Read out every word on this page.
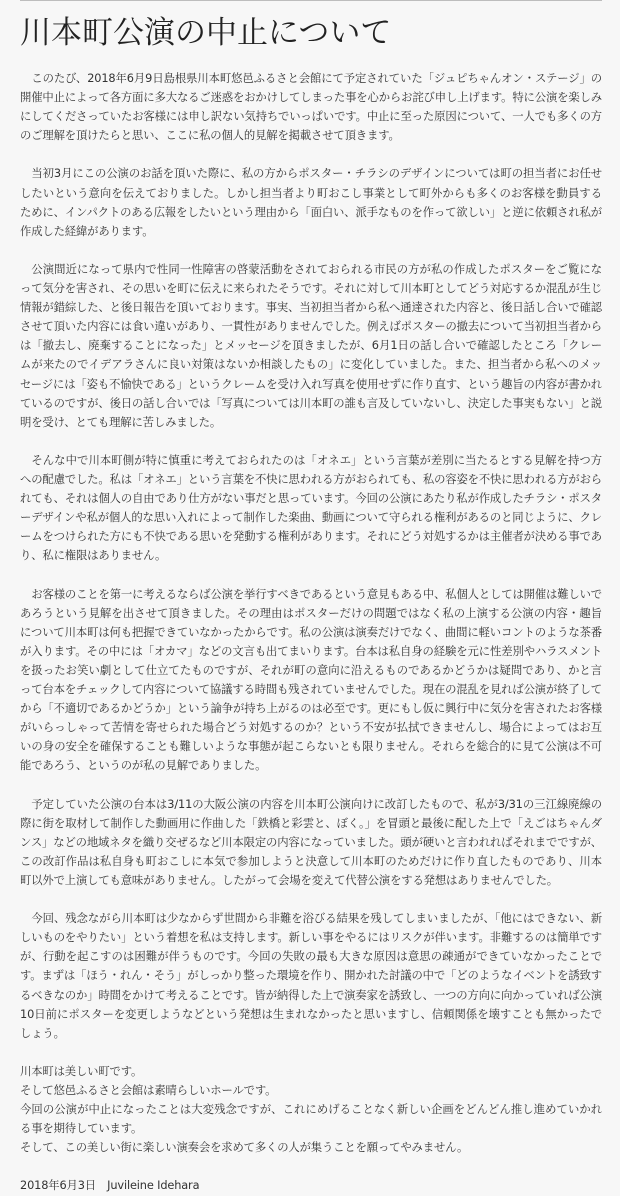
川本町公演の中止について

このたび、2018年6月9日島根県川本町悠邑ふるさと会館にて予定されていた「ジュピちゃんオン・ステージ」の開催中止によって各方面に多大なるご迷惑をおかけしてしまった事を心からお詫び申し上げます。特に公演を楽しみにしてくださっていたお客様には申し訳ない気持ちでいっぱいです。中止に至った原因について、一人でも多くの方のご理解を頂けたらと思い、ここに私の個人的見解を掲載させて頂きます。

当初3月にこの公演のお話を頂いた際に、私の方からポスター・チラシのデザインについては町の担当者にお任せしたいという意向を伝えておりました。しかし担当者より町おこし事業として町外からも多くのお客様を動員するために、インパクトのある広報をしたいという理由から「面白い、派手なものを作って欲しい」と逆に依頼され私が作成した経緯があります。

公演間近になって県内で性同一性障害の啓蒙活動をされておられる市民の方が私の作成したポスターをご覧になって気分を害され、その思いを町に伝えに来られたそうです。それに対して川本町としてどう対応するか混乱が生じ情報が錯綜した、と後日報告を頂いております。事実、当初担当者から私へ通達された内容と、後日話し合いで確認させて頂いた内容には食い違いがあり、一貫性がありませんでした。例えばポスターの撤去について当初担当者からは「撤去し、廃棄することになった」とメッセージを頂きましたが、6月1日の話し合いで確認したところ「クレームが来たのでイデアラさんに良い対策はないか相談したもの」に変化していました。また、担当者から私へのメッセージには「姿も不愉快である」というクレームを受け入れ写真を使用せずに作り直す、という趣旨の内容が書かれているのですが、後日の話し合いでは「写真については川本町の誰も言及していないし、決定した事実もない」と説明を受け、とても理解に苦しみました。

そんな中で川本町側が特に慎重に考えておられたのは「オネエ」という言葉が差別に当たるとする見解を持つ方への配慮でした。私は「オネエ」という言葉を不快に思われる方がおられても、私の容姿を不快に思われる方がおられても、それは個人の自由であり仕方がない事だと思っています。今回の公演にあたり私が作成したチラシ・ポスターデザインや私が個人的な思い入れによって制作した楽曲、動画について守られる権利があるのと同じように、クレームをつけられた方にも不快である思いを発動する権利があります。それにどう対処するかは主催者が決める事であり、私に権限はありません。

お客様のことを第一に考えるならば公演を挙行すべきであるという意見もある中、私個人としては開催は難しいであろうという見解を出させて頂きました。その理由はポスターだけの問題ではなく私の上演する公演の内容・趣旨について川本町は何も把握できていなかったからです。私の公演は演奏だけでなく、曲間に軽いコントのような茶番が入ります。その中には「オカマ」などの文言も出てまいります。台本は私自身の経験を元に性差別やハラスメントを扱ったお笑い劇として仕立てたものですが、それが町の意向に沿えるものであるかどうかは疑問であり、かと言って台本をチェックして内容について協議する時間も残されていませんでした。現在の混乱を見れば公演が終了してから「不適切であるかどうか」という論争が持ち上がるのは必至です。更にもし仮に興行中に気分を害されたお客様がいらっしゃって苦情を寄せられた場合どう対処するのか？という不安が払拭できませんし、場合によってはお互いの身の安全を確保することも難しいような事態が起こらないとも限りません。それらを総合的に見て公演は不可能であろう、というのが私の見解でありました。

予定していた公演の台本は3/11の大阪公演の内容を川本町公演向けに改訂したもので、私が3/31の三江線廃線の際に街を取材して制作した動画用に作曲した「鉄橋と彩雲と、ぼく。」を冒頭と最後に配した上で「えごはちゃんダンス」などの地域ネタを織り交ぜるなど川本限定の内容になっていました。頭が硬いと言われればそれまでですが、この改訂作品は私自身も町おこしに本気で参加しようと決意して川本町のためだけに作り直したものであり、川本町以外で上演しても意味がありません。したがって会場を変えて代替公演をする発想はありませんでした。

今回、残念ながら川本町は少なからず世間から非難を浴びる結果を残してしまいましたが、「他にはできない、新しいものをやりたい」という着想を私は支持します。新しい事をやるにはリスクが伴います。非難するのは簡単ですが、行動を起こすのは困難が伴うものです。今回の失敗の最も大きな原因は意思の疎通ができていなかったことです。まずは「ほう・れん・そう」がしっかり整った環境を作り、開かれた討議の中で「どのようなイベントを誘致するべきなのか」時間をかけて考えることです。皆が納得した上で演奏家を誘致し、一つの方向に向かっていれば公演10日前にポスターを変更しようなどという発想は生まれなかったと思いますし、信頼関係を壊すことも無かったでしょう。

川本町は美しい町です。
そして悠邑ふるさと会館は素晴らしいホールです。
今回の公演が中止になったことは大変残念ですが、これにめげることなく新しい企画をどんどん推し進めていかれる事を期待しています。
そして、この美しい街に楽しい演奏会を求めて多くの人が集うことを願ってやみません。

2018年6月3日　Juvileine Idehara
